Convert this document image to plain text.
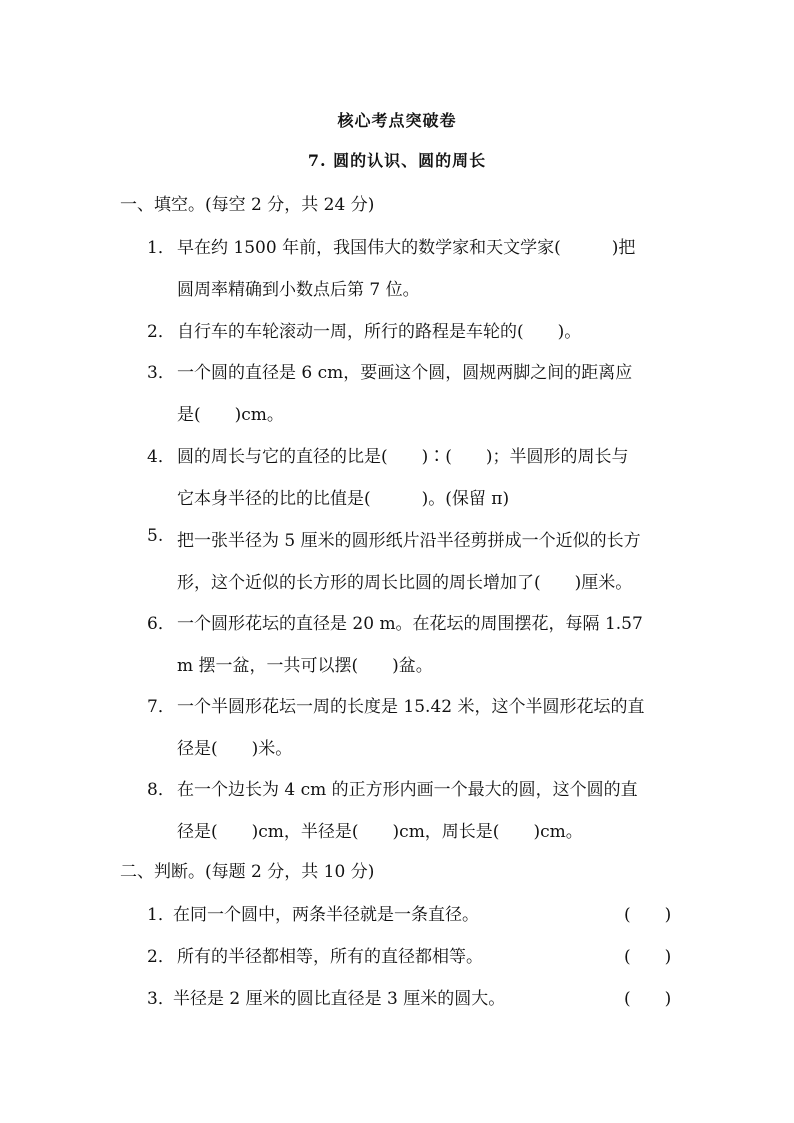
核心考点突破卷
7. 圆的认识、圆的周长
一、填空。(每空 2 分，共 24 分)
1． 早在约 1500 年前，我国伟大的数学家和天文学家(　　　)把
圆周率精确到小数点后第 7 位。
2． 自行车的车轮滚动一周，所行的路程是车轮的(　　)。
3． 一个圆的直径是 6 cm，要画这个圆，圆规两脚之间的距离应
是(　　)cm。
4． 圆的周长与它的直径的比是(　　)∶(　　)；半圆形的周长与
它本身半径的比的比值是(　　　)。(保留 π)
5. 把一张半径为 5 厘米的圆形纸片沿半径剪拼成一个近似的长方
形，这个近似的长方形的周长比圆的周长增加了(　　)厘米。
6． 一个圆形花坛的直径是 20 m。在花坛的周围摆花，每隔 1.57
m 摆一盆，一共可以摆(　　)盆。
7． 一个半圆形花坛一周的长度是 15.42 米，这个半圆形花坛的直
径是(　　)米。
8． 在一个边长为 4 cm 的正方形内画一个最大的圆，这个圆的直
径是(　　)cm，半径是(　　)cm，周长是(　　)cm。
二、判断。(每题 2 分，共 10 分)
1．
在同一个圆中，两条半径就是一条直径。	(　　)
2． 所有的半径都相等，所有的直径都相等。	(　　)
3．
半径是 2 厘米的圆比直径是 3 厘米的圆大。	(　　)
